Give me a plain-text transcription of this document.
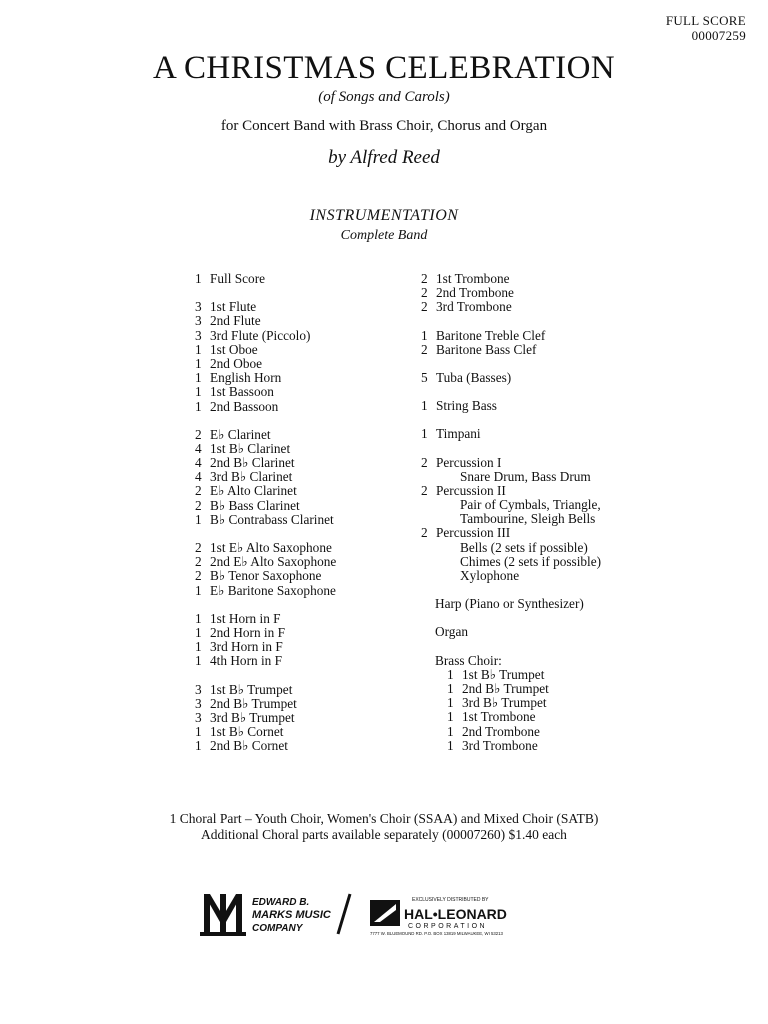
FULL SCORE
00007259
A CHRISTMAS CELEBRATION
(of Songs and Carols)
for Concert Band with Brass Choir, Chorus and Organ
by Alfred Reed
INSTRUMENTATION
Complete Band
1 Full Score
3 1st Flute
3 2nd Flute
3 3rd Flute (Piccolo)
1 1st Oboe
1 2nd Oboe
1 English Horn
1 1st Bassoon
1 2nd Bassoon
2 E♭ Clarinet
4 1st B♭ Clarinet
4 2nd B♭ Clarinet
4 3rd B♭ Clarinet
2 E♭ Alto Clarinet
2 B♭ Bass Clarinet
1 B♭ Contrabass Clarinet
2 1st E♭ Alto Saxophone
2 2nd E♭ Alto Saxophone
2 B♭ Tenor Saxophone
1 E♭ Baritone Saxophone
1 1st Horn in F
1 2nd Horn in F
1 3rd Horn in F
1 4th Horn in F
3 1st B♭ Trumpet
3 2nd B♭ Trumpet
3 3rd B♭ Trumpet
1 1st B♭ Cornet
1 2nd B♭ Cornet
2 1st Trombone
2 2nd Trombone
2 3rd Trombone
1 Baritone Treble Clef
2 Baritone Bass Clef
5 Tuba (Basses)
1 String Bass
1 Timpani
2 Percussion I
Snare Drum, Bass Drum
2 Percussion II
Pair of Cymbals, Triangle,
Tambourine, Sleigh Bells
2 Percussion III
Bells (2 sets if possible)
Chimes (2 sets if possible)
Xylophone
Harp (Piano or Synthesizer)
Organ
Brass Choir:
1 1st B♭ Trumpet
1 2nd B♭ Trumpet
1 3rd B♭ Trumpet
1 1st Trombone
1 2nd Trombone
1 3rd Trombone
1 Choral Part – Youth Choir, Women's Choir (SSAA) and Mixed Choir (SATB)
Additional Choral parts available separately (00007260) $1.40 each
EDWARD B.
MARKS MUSIC
COMPANY
EXCLUSIVELY DISTRIBUTED BY
HAL•LEONARD
CORPORATION
7777 W. BLUEMOUND RD. P.O. BOX 13819 MILWAUKEE, WI 53213
